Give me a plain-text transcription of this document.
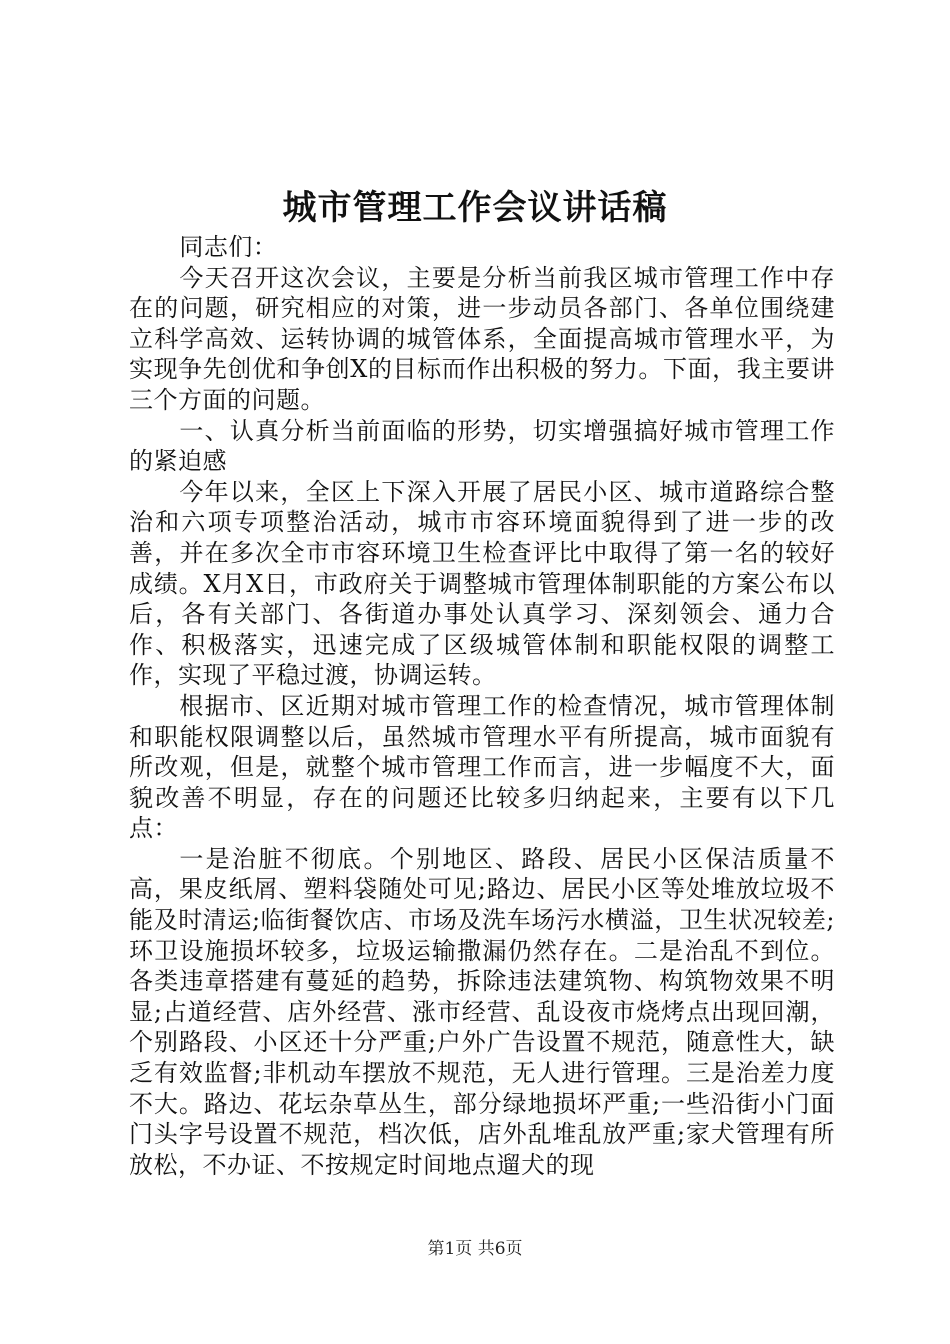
城市管理工作会议讲话稿

同志们：

今天召开这次会议，主要是分析当前我区城市管理工作中存在的问题，研究相应的对策，进一步动员各部门、各单位围绕建立科学高效、运转协调的城管体系，全面提高城市管理水平，为实现争先创优和争创X的目标而作出积极的努力。下面，我主要讲三个方面的问题。

一、认真分析当前面临的形势，切实增强搞好城市管理工作的紧迫感

今年以来，全区上下深入开展了居民小区、城市道路综合整治和六项专项整治活动，城市市容环境面貌得到了进一步的改善，并在多次全市市容环境卫生检查评比中取得了第一名的较好成绩。X月X日，市政府关于调整城市管理体制职能的方案公布以后，各有关部门、各街道办事处认真学习、深刻领会、通力合作、积极落实，迅速完成了区级城管体制和职能权限的调整工作，实现了平稳过渡，协调运转。

根据市、区近期对城市管理工作的检查情况，城市管理体制和职能权限调整以后，虽然城市管理水平有所提高，城市面貌有所改观，但是，就整个城市管理工作而言，进一步幅度不大，面貌改善不明显，存在的问题还比较多归纳起来，主要有以下几点：

一是治脏不彻底。个别地区、路段、居民小区保洁质量不高，果皮纸屑、塑料袋随处可见;路边、居民小区等处堆放垃圾不能及时清运;临街餐饮店、市场及洗车场污水横溢，卫生状况较差;环卫设施损坏较多，垃圾运输撒漏仍然存在。二是治乱不到位。各类违章搭建有蔓延的趋势，拆除违法建筑物、构筑物效果不明显;占道经营、店外经营、涨市经营、乱设夜市烧烤点出现回潮，个别路段、小区还十分严重;户外广告设置不规范，随意性大，缺乏有效监督;非机动车摆放不规范，无人进行管理。三是治差力度不大。路边、花坛杂草丛生，部分绿地损坏严重;一些沿街小门面门头字号设置不规范，档次低，店外乱堆乱放严重;家犬管理有所放松，不办证、不按规定时间地点遛犬的现

第1页 共6页
